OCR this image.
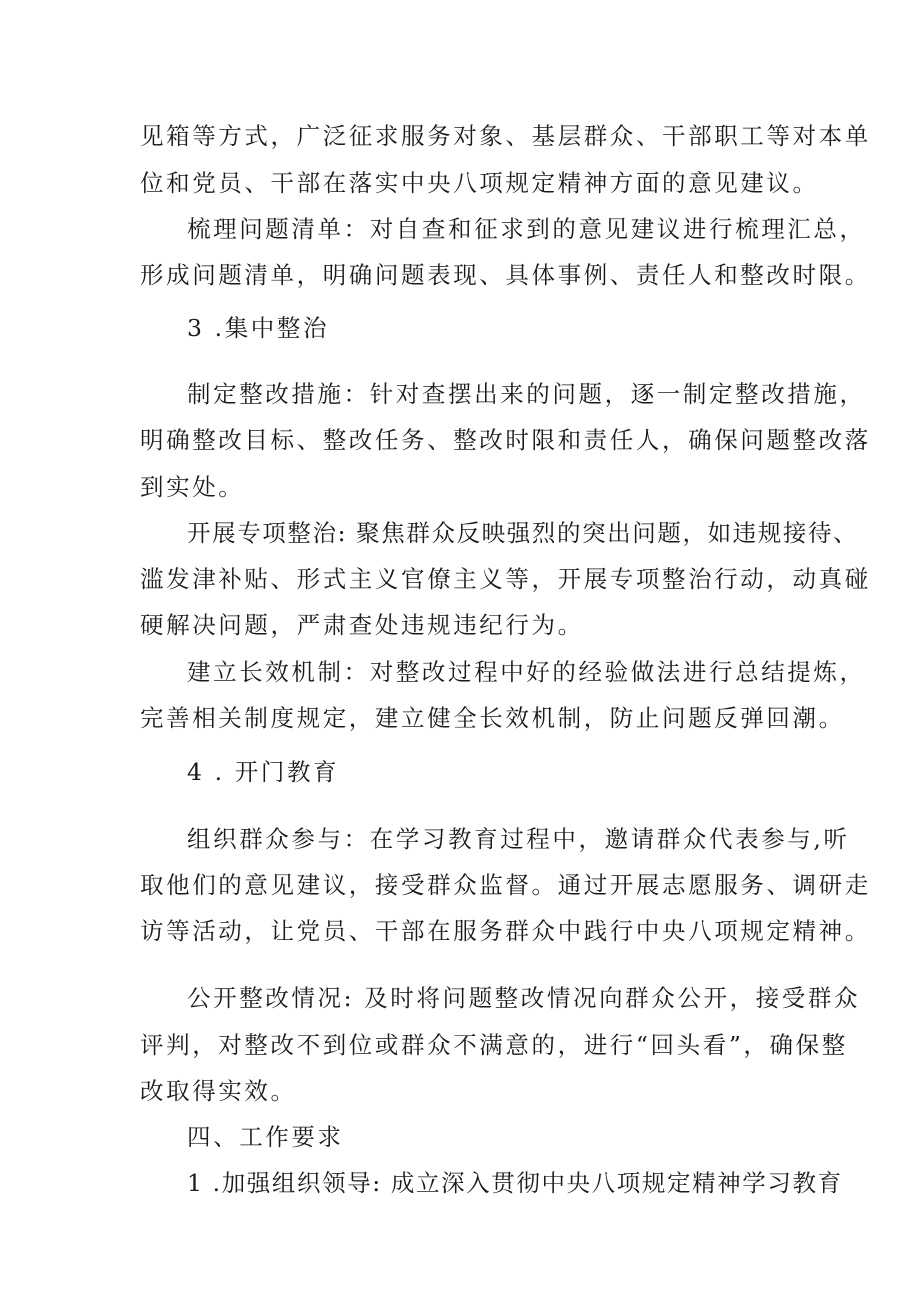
见箱等方式，广泛征求服务对象、基层群众、干部职工等对本单
位和党员、干部在落实中央八项规定精神方面的意见建议。
梳理问题清单：对自查和征求到的意见建议进行梳理汇总，
形成问题清单，明确问题表现、具体事例、责任人和整改时限。
3 .集中整治
制定整改措施：针对查摆出来的问题，逐一制定整改措施，
明确整改目标、整改任务、整改时限和责任人，确保问题整改落
到实处。
开展专项整治: 聚焦群众反映强烈的突出问题，如违规接待、
滥发津补贴、形式主义官僚主义等，开展专项整治行动，动真碰
硬解决问题，严肃查处违规违纪行为。
建立长效机制：对整改过程中好的经验做法进行总结提炼，
完善相关制度规定，建立健全长效机制，防止问题反弹回潮。
4 . 开门教育
组织群众参与：在学习教育过程中，邀请群众代表参与,听
取他们的意见建议，接受群众监督。通过开展志愿服务、调研走
访等活动，让党员、干部在服务群众中践行中央八项规定精神。
公开整改情况: 及时将问题整改情况向群众公开，接受群众
评判，对整改不到位或群众不满意的，进行“回头看”，确保整
改取得实效。
四、工作要求
1 .加强组织领导: 成立深入贯彻中央八项规定精神学习教育
